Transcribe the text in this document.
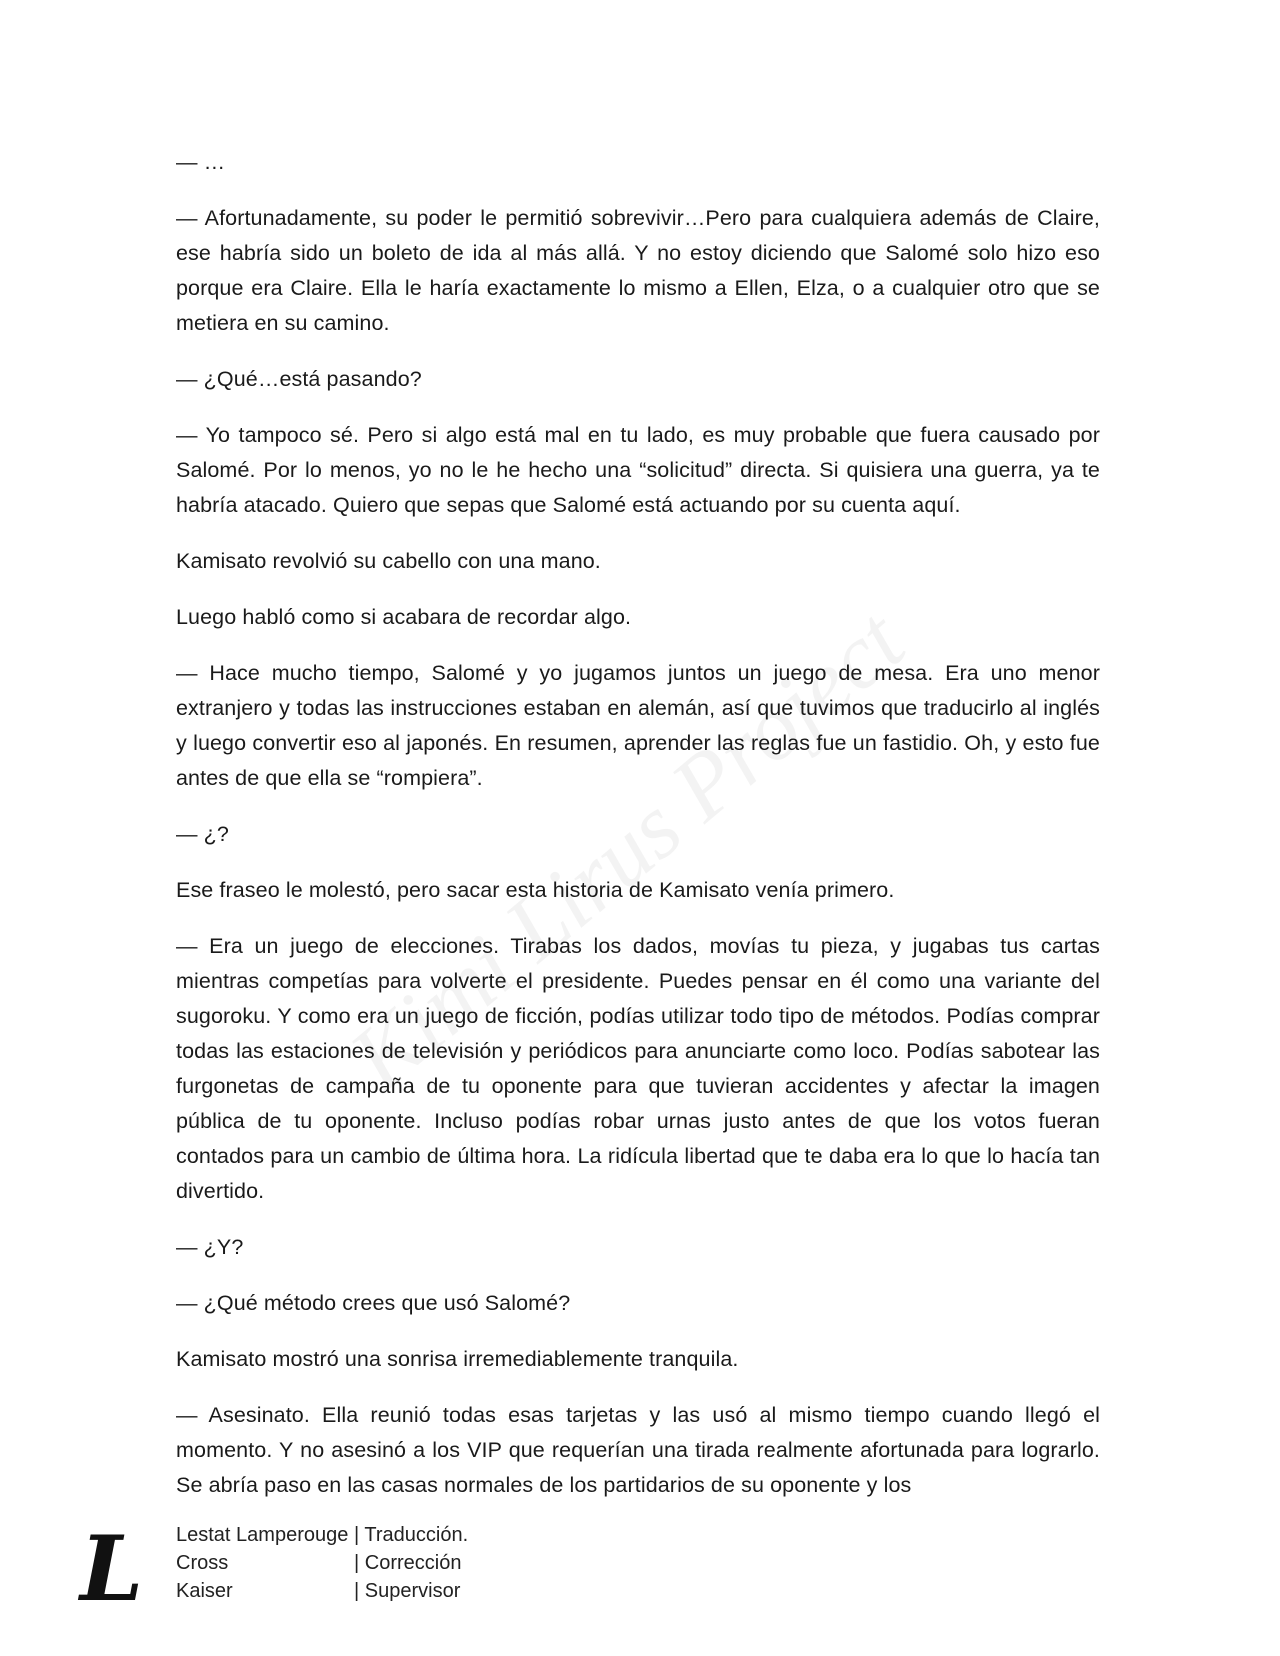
— …

— Afortunadamente, su poder le permitió sobrevivir…Pero para cualquiera además de Claire, ese habría sido un boleto de ida al más allá. Y no estoy diciendo que Salomé solo hizo eso porque era Claire. Ella le haría exactamente lo mismo a Ellen, Elza, o a cualquier otro que se metiera en su camino.

— ¿Qué…está pasando?

— Yo tampoco sé. Pero si algo está mal en tu lado, es muy probable que fuera causado por Salomé. Por lo menos, yo no le he hecho una “solicitud” directa. Si quisiera una guerra, ya te habría atacado. Quiero que sepas que Salomé está actuando por su cuenta aquí.

Kamisato revolvió su cabello con una mano.

Luego habló como si acabara de recordar algo.

— Hace mucho tiempo, Salomé y yo jugamos juntos un juego de mesa. Era uno menor extranjero y todas las instrucciones estaban en alemán, así que tuvimos que traducirlo al inglés y luego convertir eso al japonés. En resumen, aprender las reglas fue un fastidio. Oh, y esto fue antes de que ella se “rompiera”.

— ¿?

Ese fraseo le molestó, pero sacar esta historia de Kamisato venía primero.

— Era un juego de elecciones. Tirabas los dados, movías tu pieza, y jugabas tus cartas mientras competías para volverte el presidente. Puedes pensar en él como una variante del sugoroku. Y como era un juego de ficción, podías utilizar todo tipo de métodos. Podías comprar todas las estaciones de televisión y periódicos para anunciarte como loco. Podías sabotear las furgonetas de campaña de tu oponente para que tuvieran accidentes y afectar la imagen pública de tu oponente. Incluso podías robar urnas justo antes de que los votos fueran contados para un cambio de última hora. La ridícula libertad que te daba era lo que lo hacía tan divertido.

— ¿Y?

— ¿Qué método crees que usó Salomé?

Kamisato mostró una sonrisa irremediablemente tranquila.

— Asesinato. Ella reunió todas esas tarjetas y las usó al mismo tiempo cuando llegó el momento. Y no asesinó a los VIP que requerían una tirada realmente afortunada para lograrlo. Se abría paso en las casas normales de los partidarios de su oponente y los

L Lestat Lamperouge | Traducción.
Cross	| Corrección
Kaiser	| Supervisor
